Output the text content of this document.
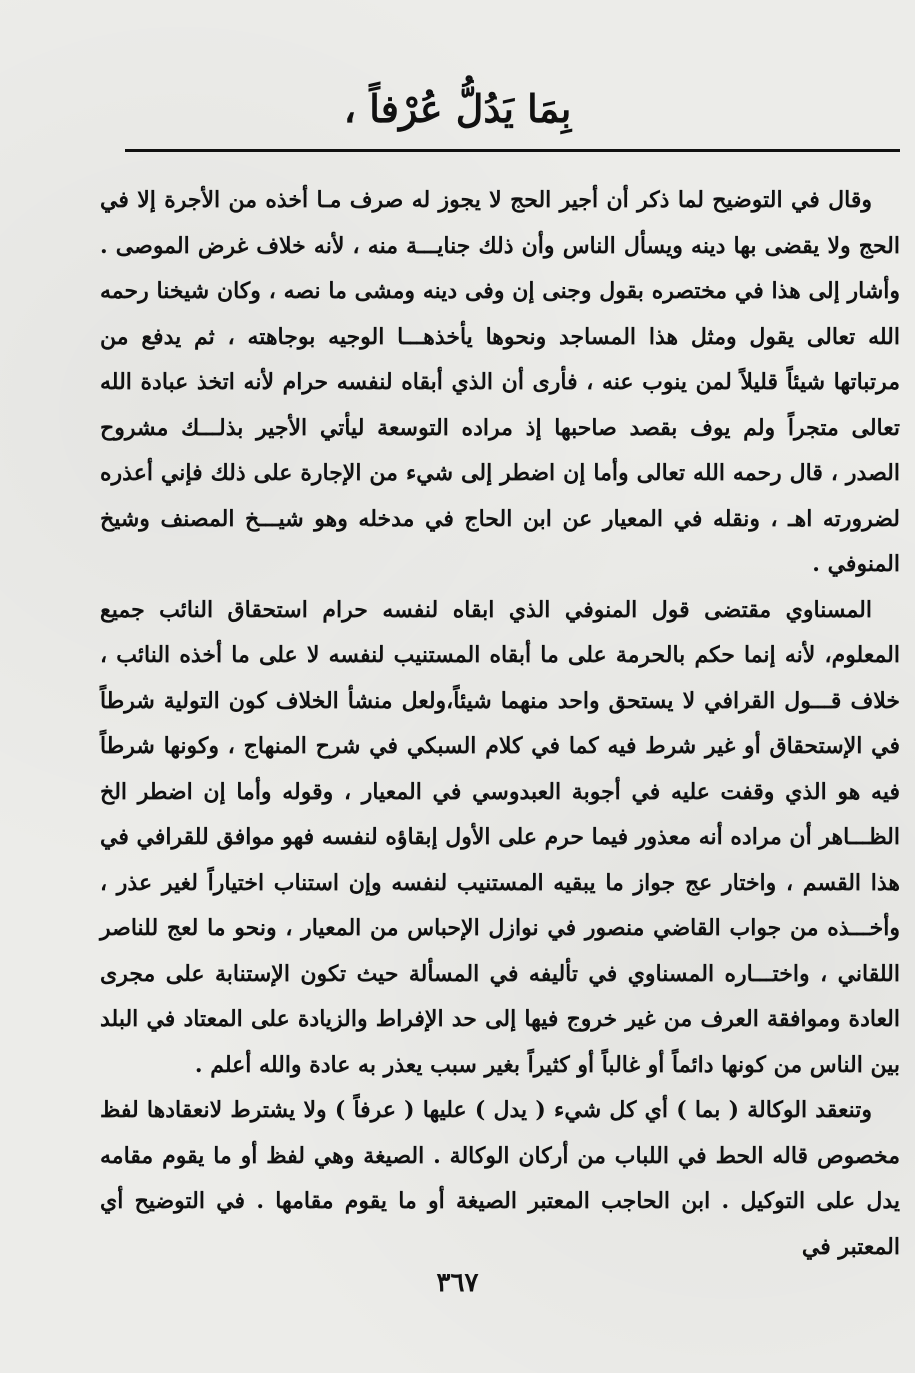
بِمَا يَدُلُّ عُرْفاً ،

وقال في التوضيح لما ذكر أن أجير الحج لا يجوز له صرف مـا أخذه من الأجرة إلا في الحج ولا يقضى بها دينه ويسأل الناس وأن ذلك جنايـــة منه ، لأنه خلاف غرض الموصى . وأشار إلى هذا في مختصره بقول وجنى إن وفى دينه ومشى ما نصه ، وكان شيخنا رحمه الله تعالى يقول ومثل هذا المساجد ونحوها يأخذهـــا الوجيه بوجاهته ، ثم يدفع من مرتباتها شيئاً قليلاً لمن ينوب عنه ، فأرى أن الذي أبقاه لنفسه حرام لأنه اتخذ عبادة الله تعالى متجراً ولم يوف بقصد صاحبها إذ مراده التوسعة ليأتي الأجير بذلـــك مشروح الصدر ، قال رحمه الله تعالى وأما إن اضطر إلى شيء من الإجارة على ذلك فإني أعذره لضرورته اهـ ، ونقله في المعيار عن ابن الحاج في مدخله وهو شيـــخ المصنف وشيخ المنوفي .

المسناوي مقتضى قول المنوفي الذي ابقاه لنفسه حرام استحقاق النائب جميع المعلوم، لأنه إنما حكم بالحرمة على ما أبقاه المستنيب لنفسه لا على ما أخذه النائب ، خلاف قـــول القرافي لا يستحق واحد منهما شيئاً،ولعل منشأ الخلاف كون التولية شرطاً في الإستحقاق أو غير شرط فيه كما في كلام السبكي في شرح المنهاج ، وكونها شرطاً فيه هو الذي وقفت عليه في أجوبة العبدوسي في المعيار ، وقوله وأما إن اضطر الخ الظـــاهر أن مراده أنه معذور فيما حرم على الأول إبقاؤه لنفسه فهو موافق للقرافي في هذا القسم ، واختار عج جواز ما يبقيه المستنيب لنفسه وإن استناب اختياراً لغير عذر ، وأخـــذه من جواب القاضي منصور في نوازل الإحباس من المعيار ، ونحو ما لعج للناصر اللقاني ، واختـــاره المسناوي في تأليفه في المسألة حيث تكون الإستنابة على مجرى العادة وموافقة العرف من غير خروج فيها إلى حد الإفراط والزيادة على المعتاد في البلد بين الناس من كونها دائماً أو غالباً أو كثيراً بغير سبب يعذر به عادة والله أعلم .

وتنعقد الوكالة ( بما ) أي كل شيء ( يدل ) عليها ( عرفاً ) ولا يشترط لانعقادها لفظ مخصوص قاله الحط في اللباب من أركان الوكالة . الصيغة وهي لفظ أو ما يقوم مقامه يدل على التوكيل . ابن الحاجب المعتبر الصيغة أو ما يقوم مقامها . في التوضيح أي المعتبر في

٣٦٧
